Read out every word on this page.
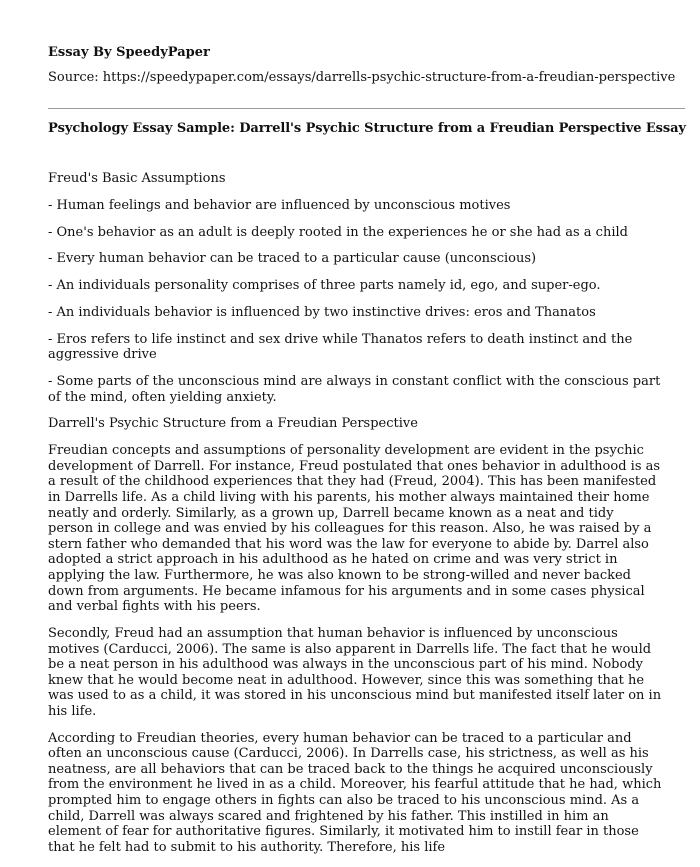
Essay By SpeedyPaper
Source: https://speedypaper.com/essays/darrells-psychic-structure-from-a-freudian-perspective
Psychology Essay Sample: Darrell's Psychic Structure from a Freudian Perspective Essay

Freud's Basic Assumptions

- Human feelings and behavior are influenced by unconscious motives

- One's behavior as an adult is deeply rooted in the experiences he or she had as a child

- Every human behavior can be traced to a particular cause (unconscious)

- An individuals personality comprises of three parts namely id, ego, and super-ego.

- An individuals behavior is influenced by two instinctive drives: eros and Thanatos

- Eros refers to life instinct and sex drive while Thanatos refers to death instinct and the aggressive drive

- Some parts of the unconscious mind are always in constant conflict with the conscious part of the mind, often yielding anxiety.

Darrell's Psychic Structure from a Freudian Perspective

Freudian concepts and assumptions of personality development are evident in the psychic development of Darrell. For instance, Freud postulated that ones behavior in adulthood is as a result of the childhood experiences that they had (Freud, 2004). This has been manifested in Darrells life. As a child living with his parents, his mother always maintained their home neatly and orderly. Similarly, as a grown up, Darrell became known as a neat and tidy person in college and was envied by his colleagues for this reason. Also, he was raised by a stern father who demanded that his word was the law for everyone to abide by. Darrel also adopted a strict approach in his adulthood as he hated on crime and was very strict in applying the law. Furthermore, he was also known to be strong-willed and never backed down from arguments. He became infamous for his arguments and in some cases physical and verbal fights with his peers.

Secondly, Freud had an assumption that human behavior is influenced by unconscious motives (Carducci, 2006). The same is also apparent in Darrells life. The fact that he would be a neat person in his adulthood was always in the unconscious part of his mind. Nobody knew that he would become neat in adulthood. However, since this was something that he was used to as a child, it was stored in his unconscious mind but manifested itself later on in his life.

According to Freudian theories, every human behavior can be traced to a particular and often an unconscious cause (Carducci, 2006). In Darrells case, his strictness, as well as his neatness, are all behaviors that can be traced back to the things he acquired unconsciously from the environment he lived in as a child. Moreover, his fearful attitude that he had, which prompted him to engage others in fights can also be traced to his unconscious mind. As a child, Darrell was always scared and frightened by his father. This instilled in him an element of fear for authoritative figures. Similarly, it motivated him to instill fear in those that he felt had to submit to his authority. Therefore, his life
